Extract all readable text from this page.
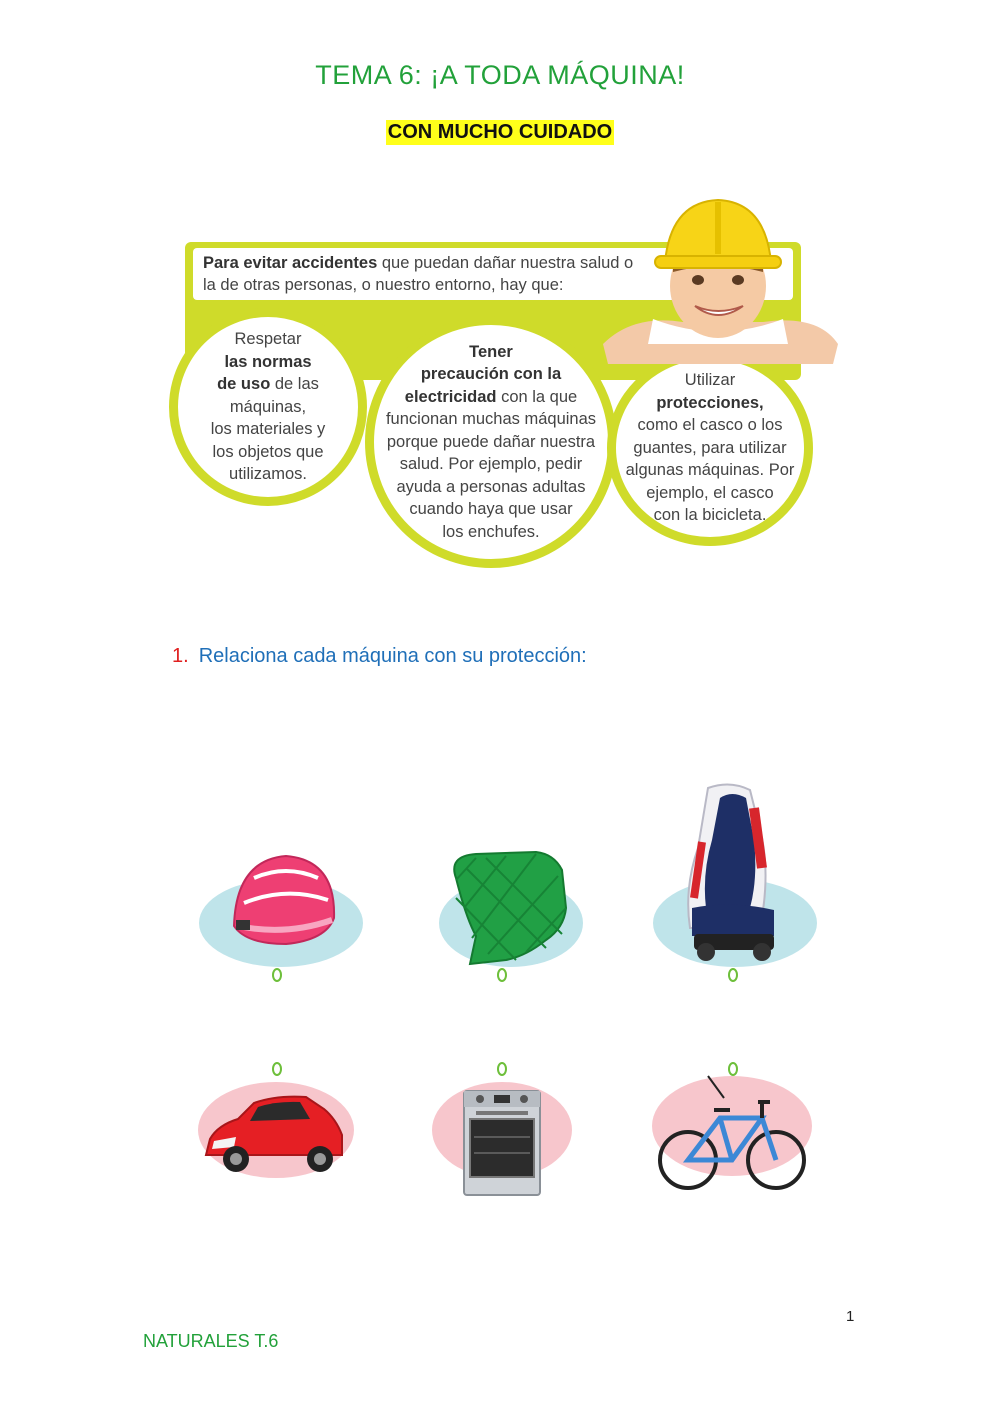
TEMA 6: ¡A TODA MÁQUINA!
CON MUCHO CUIDADO
Para evitar accidentes que puedan dañar nuestra salud o
la de otras personas, o nuestro entorno, hay que:
Respetar
las normas
de uso de las
máquinas,
los materiales y
los objetos que
utilizamos.
Tener
precaución con la
electricidad con la que
funcionan muchas máquinas
porque puede dañar nuestra
salud. Por ejemplo, pedir
ayuda a personas adultas
cuando haya que usar
los enchufes.
Utilizar
protecciones,
como el casco o los
guantes, para utilizar
algunas máquinas. Por
ejemplo, el casco
con la bicicleta.
1. Relaciona cada máquina con su protección:
1
NATURALES T.6
